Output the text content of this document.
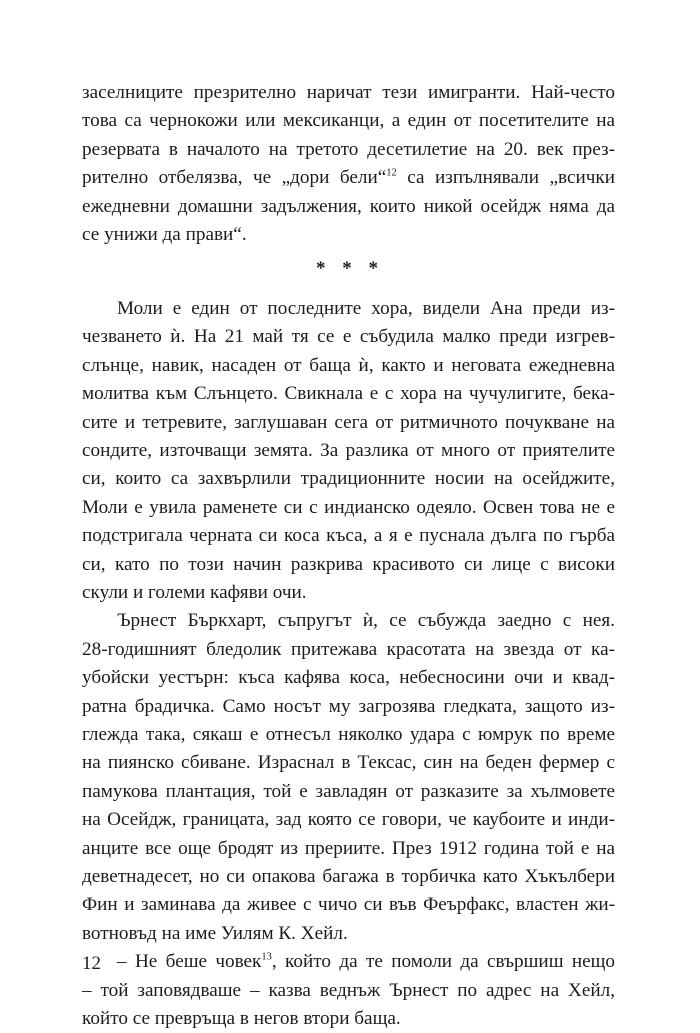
заселниците презрително наричат тези имигранти. Най-често
това са чернокожи или мексиканци, а един от посетителите на
резервата в началото на третото десетилетие на 20. век през-
рително отбелязва, че „дори бели“$^{12}$ са изпълнявали „всички
ежедневни домашни задължения, които никой осейдж няма да
се унижи да прави“.
* * *
Моли е един от последните хора, видели Ана преди из-
чезването ѝ. На 21 май тя се е събудила малко преди изгрев-
слънце, навик, насаден от баща ѝ, както и неговата ежедневна
молитва към Слънцето. Свикнала е с хора на чучулигите, бека-
сите и тетревите, заглушаван сега от ритмичното почукване на
сондите, източващи земята. За разлика от много от приятелите
си, които са захвърлили традиционните носии на осейджите,
Моли е увила раменете си с индианско одеяло. Освен това не е
подстригала черната си коса къса, а я е пуснала дълга по гърба
си, като по този начин разкрива красивото си лице с високи
скули и големи кафяви очи.
Ърнест Бъркхарт, съпругът ѝ, се събужда заедно с нея.
28-годишният бледолик притежава красотата на звезда от ка-
убойски уестърн: къса кафява коса, небесносини очи и квад-
ратна брадичка. Само носът му загрозява гледката, защото из-
глежда така, сякаш е отнесъл няколко удара с юмрук по време
на пиянско сбиване. Израснал в Тексас, син на беден фермер с
памукова плантация, той е завладян от разказите за хълмовете
на Осейдж, границата, зад която се говори, че каубоите и инди-
анците все още бродят из прериите. През 1912 година той е на
деветнадесет, но си опакова багажа в торбичка като Хъкълбери
Фин и заминава да живее с чичо си във Феърфакс, властен жи-
вотновъд на име Уилям К. Хейл.
– Не беше човек$^{13}$, който да те помоли да свършиш нещо
– той заповядваше – казва веднъж Ърнест по адрес на Хейл,
който се превръща в негов втори баща.
12
